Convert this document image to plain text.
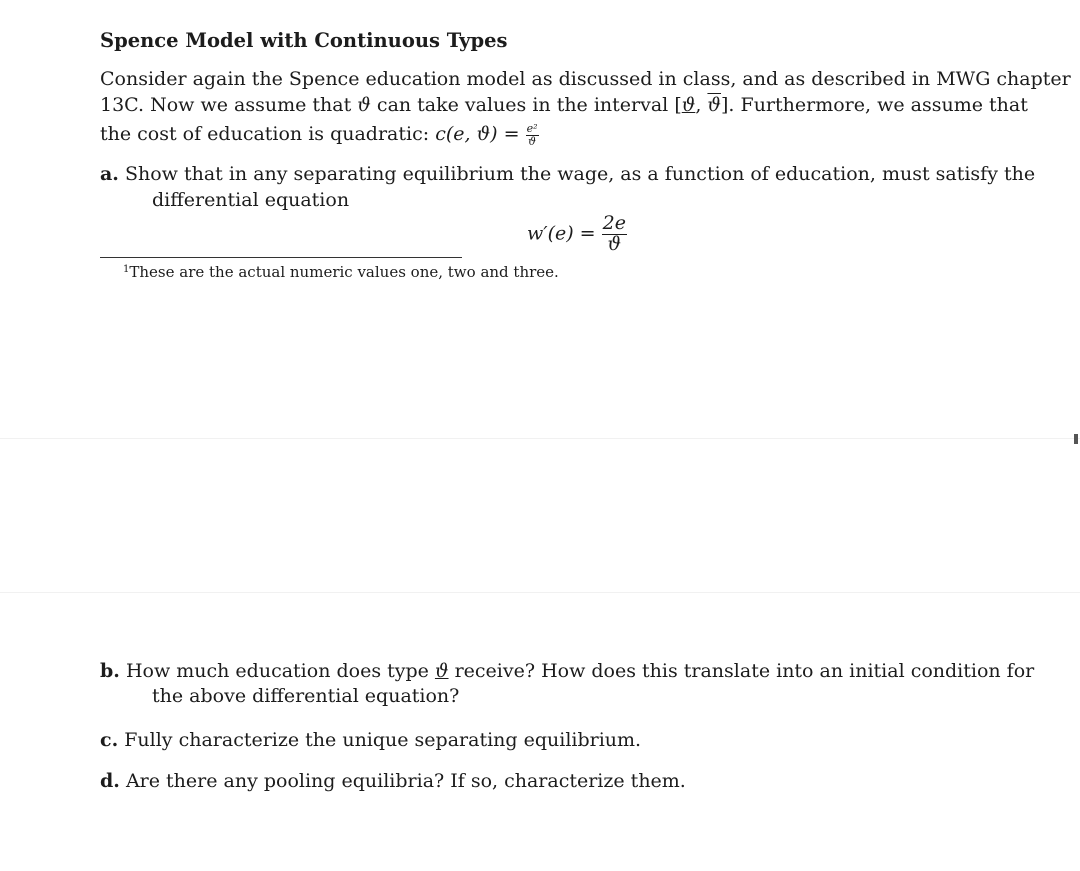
Spence Model with Continuous Types
Consider again the Spence education model as discussed in class, and as described in MWG chapter
13C. Now we assume that ϑ can take values in the interval [ϑ, $\overline{ϑ}$]. Furthermore, we assume that
the cost of education is quadratic: c(e, $ϑ) = \frac{\text{e²}}{ϑ}$
a. Show that in any separating equilibrium the wage, as a function of education, must satisfy the
differential equation
$w'(e) = \frac{2e}{ϑ}$
$^1$These are the actual numeric values one, two and three.
b. How much education does type ϑ receive? How does this translate into an initial condition for
the above differential equation?
c. Fully characterize the unique separating equilibrium.
d. Are there any pooling equilibria? If so, characterize them.
